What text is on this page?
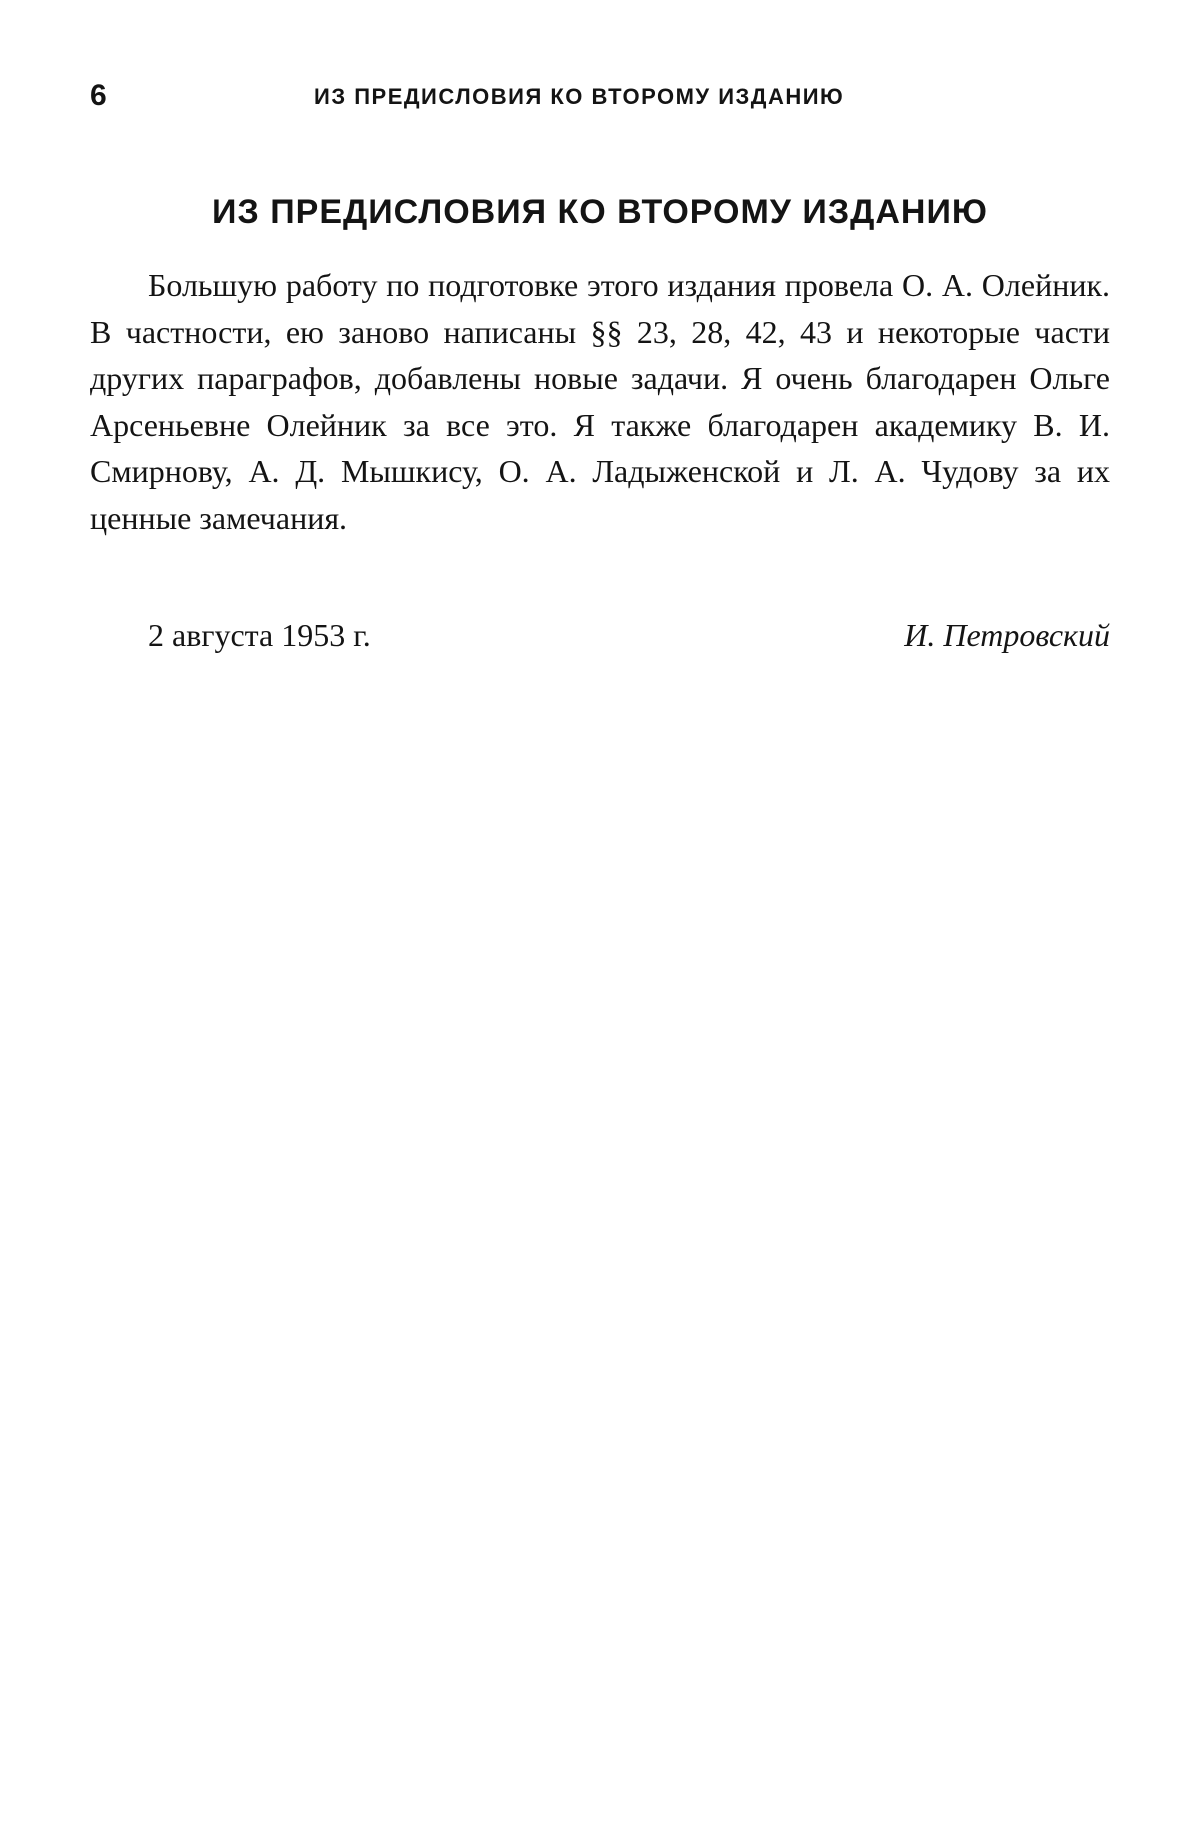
6	ИЗ ПРЕДИСЛОВИЯ КО ВТОРОМУ ИЗДАНИЮ
ИЗ ПРЕДИСЛОВИЯ КО ВТОРОМУ ИЗДАНИЮ

Большую работу по подготовке этого издания провела О. А. Олейник. В частности, ею заново написаны §§ 23, 28, 42, 43 и некоторые части других параграфов, добавлены новые задачи. Я очень благодарен Ольге Арсеньевне Олейник за все это. Я также благодарен академику В. И. Смирнову, А. Д. Мышкису, О. А. Ладыженской и Л. А. Чудову за их ценные замечания.

2 августа 1953 г.	И. Петровский
